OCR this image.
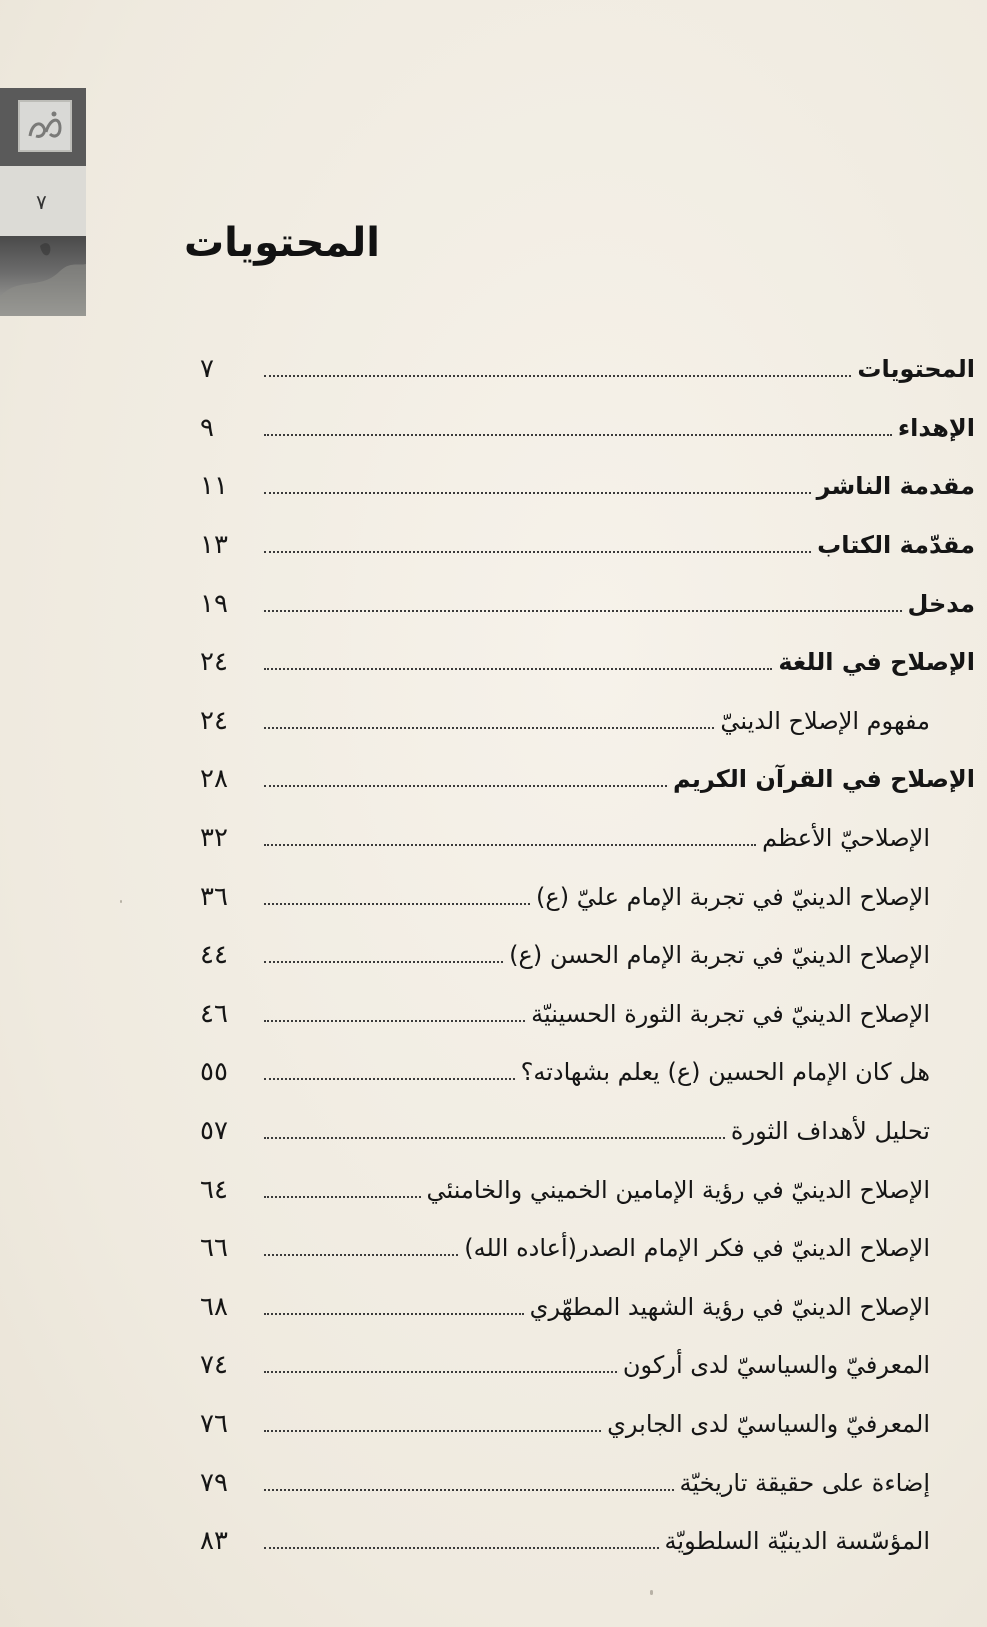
٧
المحتويات
المحتويات
٧
الإهداء
٩
مقدمة الناشر
١١
مقدّمة الكتاب
١٣
مدخل
١٩
الإصلاح في اللغة
٢٤
مفهوم الإصلاح الدينيّ
٢٤
الإصلاح في القرآن الكريم
٢٨
الإصلاحيّ الأعظم
٣٢
الإصلاح الدينيّ في تجربة الإمام عليّ (ع)
٣٦
الإصلاح الدينيّ في تجربة الإمام الحسن (ع)
٤٤
الإصلاح الدينيّ في تجربة الثورة الحسينيّة
٤٦
هل كان الإمام الحسين (ع) يعلم بشهادته؟
٥٥
تحليل لأهداف الثورة
٥٧
الإصلاح الدينيّ في رؤية الإمامين الخميني والخامنئي
٦٤
الإصلاح الدينيّ في فكر الإمام الصدر(أعاده الله)
٦٦
الإصلاح الدينيّ في رؤية الشهيد المطهّري
٦٨
المعرفيّ والسياسيّ لدى أركون
٧٤
المعرفيّ والسياسيّ لدى الجابري
٧٦
إضاءة على حقيقة تاريخيّة
٧٩
المؤسّسة الدينيّة السلطويّة
٨٣
